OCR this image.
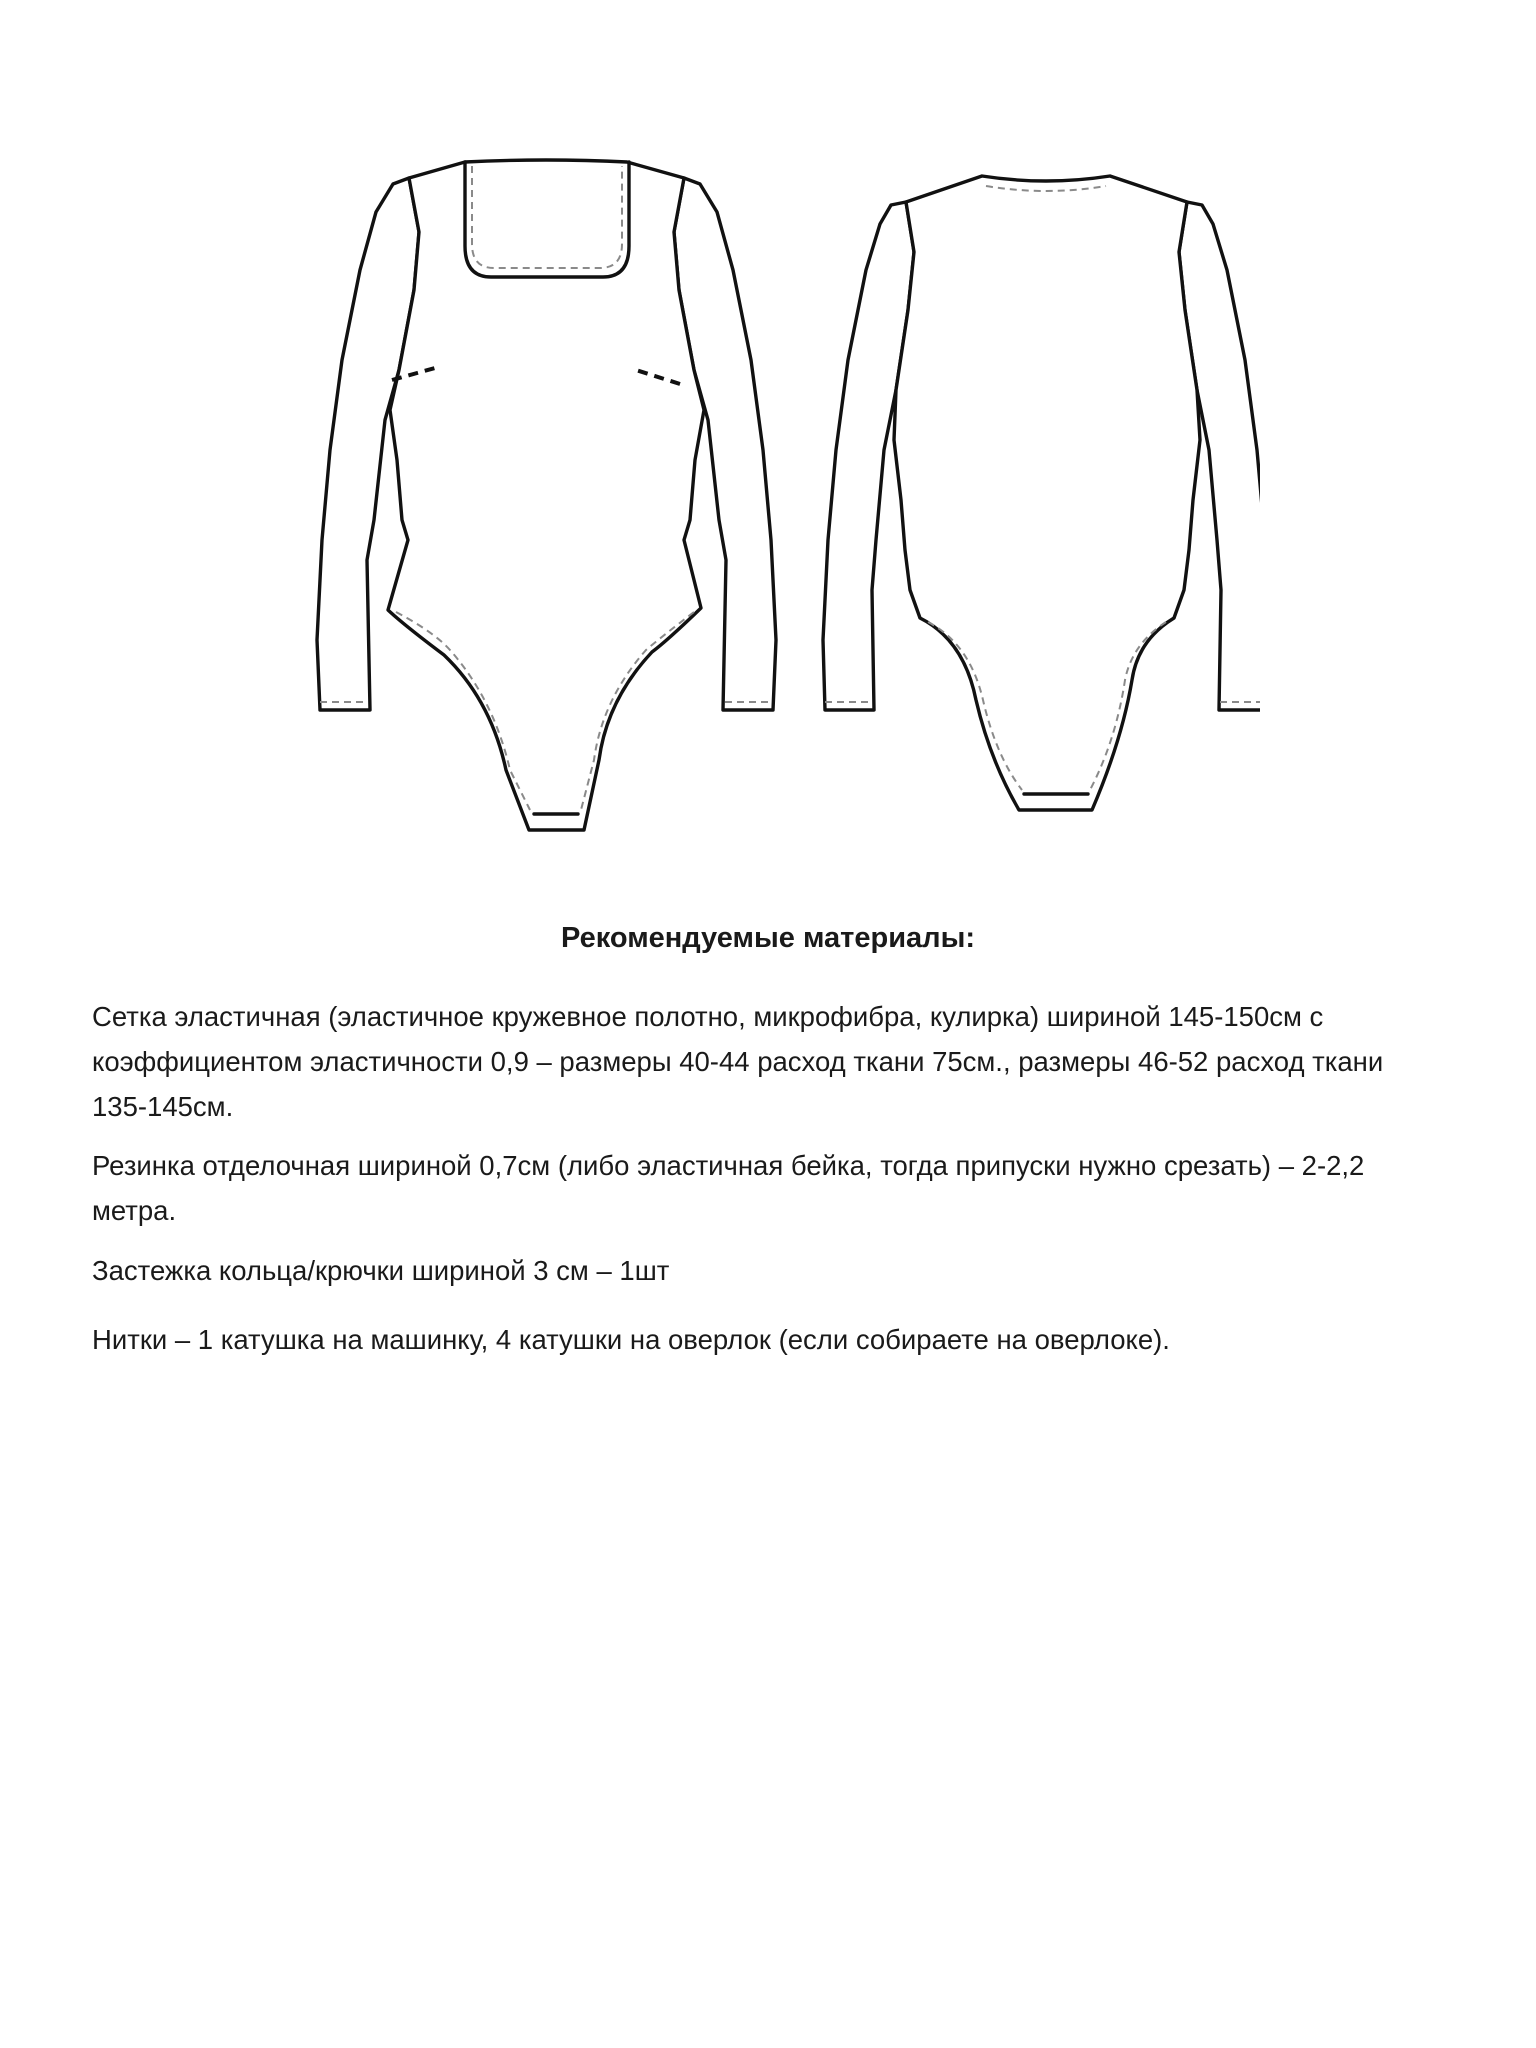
Рекомендуемые материалы:

Сетка эластичная (эластичное кружевное полотно, микрофибра, кулирка) шириной 145-150см с
коэффициентом эластичности 0,9 – размеры 40-44 расход ткани 75см., размеры 46-52 расход ткани
135-145см.

Резинка отделочная шириной 0,7см (либо эластичная бейка, тогда припуски нужно срезать) – 2-2,2
метра.

Застежка кольца/крючки шириной 3 см – 1шт

Нитки – 1 катушка на машинку, 4 катушки на оверлок (если собираете на оверлоке).
